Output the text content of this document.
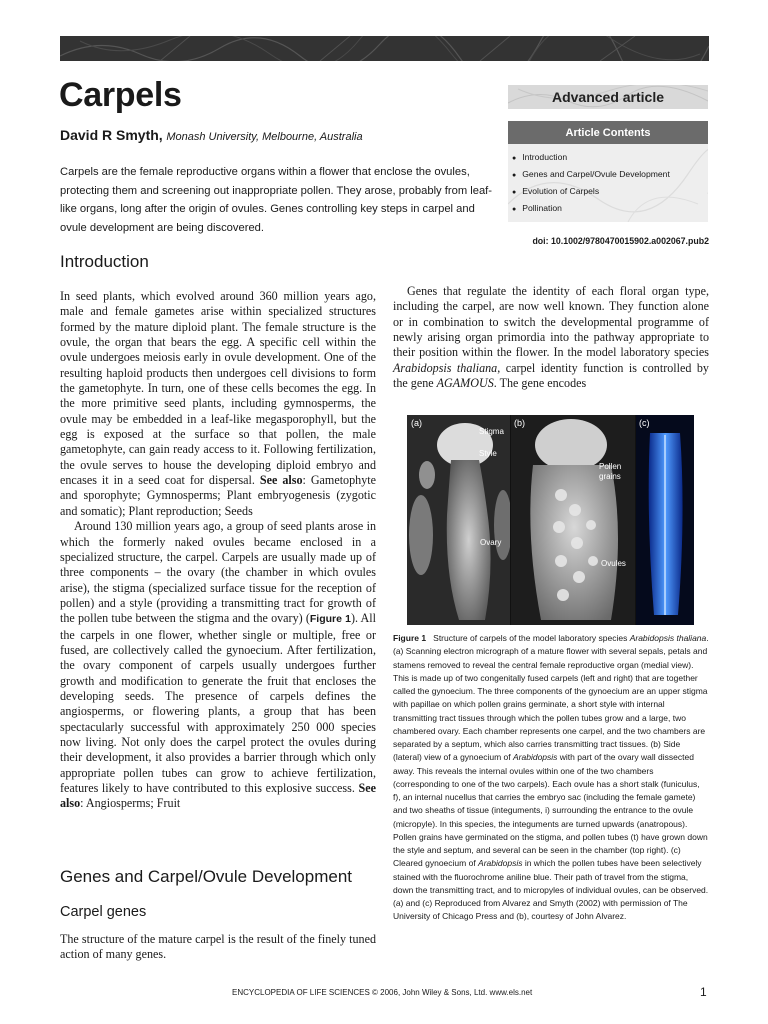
Carpels
David R Smyth, Monash University, Melbourne, Australia
Carpels are the female reproductive organs within a flower that enclose the ovules, protecting them and screening out inappropriate pollen. They arose, probably from leaf-like organs, long after the origin of ovules. Genes controlling key steps in carpel and ovule development are being discovered.
Advanced article
Article Contents
● Introduction
● Genes and Carpel/Ovule Development
● Evolution of Carpels
● Pollination
doi: 10.1002/9780470015902.a002067.pub2
Introduction

In seed plants, which evolved around 360 million years ago, male and female gametes arise within specialized structures formed by the mature diploid plant. The female structure is the ovule, the organ that bears the egg. A specific cell within the ovule undergoes meiosis early in ovule development. One of the resulting haploid products then undergoes cell divisions to form the gametophyte. In turn, one of these cells becomes the egg. In the more primitive seed plants, including gymnosperms, the ovule may be embedded in a leaf-like megasporophyll, but the egg is exposed at the surface so that pollen, the male gametophyte, can gain ready access to it. Following fertilization, the ovule serves to house the developing diploid embryo and encases it in a seed coat for dispersal. See also: Gametophyte and sporophyte; Gymnosperms; Plant embryogenesis (zygotic and somatic); Plant reproduction; Seeds

Around 130 million years ago, a group of seed plants arose in which the formerly naked ovules became enclosed in a specialized structure, the carpel. Carpels are usually made up of three components – the ovary (the chamber in which ovules arise), the stigma (specialized surface tissue for the reception of pollen) and a style (providing a transmitting tract for growth of the pollen tube between the stigma and the ovary) (Figure 1). All the carpels in one flower, whether single or multiple, free or fused, are collectively called the gynoecium. After fertilization, the ovary component of carpels usually undergoes further growth and modification to generate the fruit that encloses the developing seeds. The presence of carpels defines the angiosperms, or flowering plants, a group that has been spectacularly successful with approximately 250 000 species now living. Not only does the carpel protect the ovules during their development, it also provides a barrier through which only appropriate pollen tubes can grow to achieve fertilization, features likely to have contributed to this explosive success. See also: Angiosperms; Fruit

Genes and Carpel/Ovule Development
Carpel genes
The structure of the mature carpel is the result of the finely tuned action of many genes.

Genes that regulate the identity of each floral organ type, including the carpel, are now well known. They function alone or in combination to switch the developmental programme of newly arising organ primordia into the pathway appropriate to their position within the flower. In the model laboratory species Arabidopsis thaliana, carpel identity function is controlled by the gene AGAMOUS. The gene encodes

(a)
Stigma
Style
Ovary
(b)
Pollen grains
Ovules
(c)
Figure 1 Structure of carpels of the model laboratory species Arabidopsis thaliana. (a) Scanning electron micrograph of a mature flower with several sepals, petals and stamens removed to reveal the central female reproductive organ (medial view). This is made up of two congenitally fused carpels (left and right) that are together called the gynoecium. The three components of the gynoecium are an upper stigma with papillae on which pollen grains germinate, a short style with internal transmitting tract tissues through which the pollen tubes grow and a large, two chambered ovary. Each chamber represents one carpel, and the two chambers are separated by a septum, which also carries transmitting tract tissues. (b) Side (lateral) view of a gynoecium of Arabidopsis with part of the ovary wall dissected away. This reveals the internal ovules within one of the two chambers (corresponding to one of the two carpels). Each ovule has a short stalk (funiculus, f), an internal nucellus that carries the embryo sac (including the female gamete) and two sheaths of tissue (integuments, i) surrounding the entrance to the ovule (micropyle). In this species, the integuments are turned upwards (anatropous). Pollen grains have germinated on the stigma, and pollen tubes (t) have grown down the style and septum, and several can be seen in the chamber (top right). (c) Cleared gynoecium of Arabidopsis in which the pollen tubes have been selectively stained with the fluorochrome aniline blue. Their path of travel from the stigma, down the transmitting tract, and to micropyles of individual ovules, can be observed. (a) and (c) Reproduced from Alvarez and Smyth (2002) with permission of The University of Chicago Press and (b), courtesy of John Alvarez.
ENCYCLOPEDIA OF LIFE SCIENCES © 2006, John Wiley & Sons, Ltd. www.els.net	1
